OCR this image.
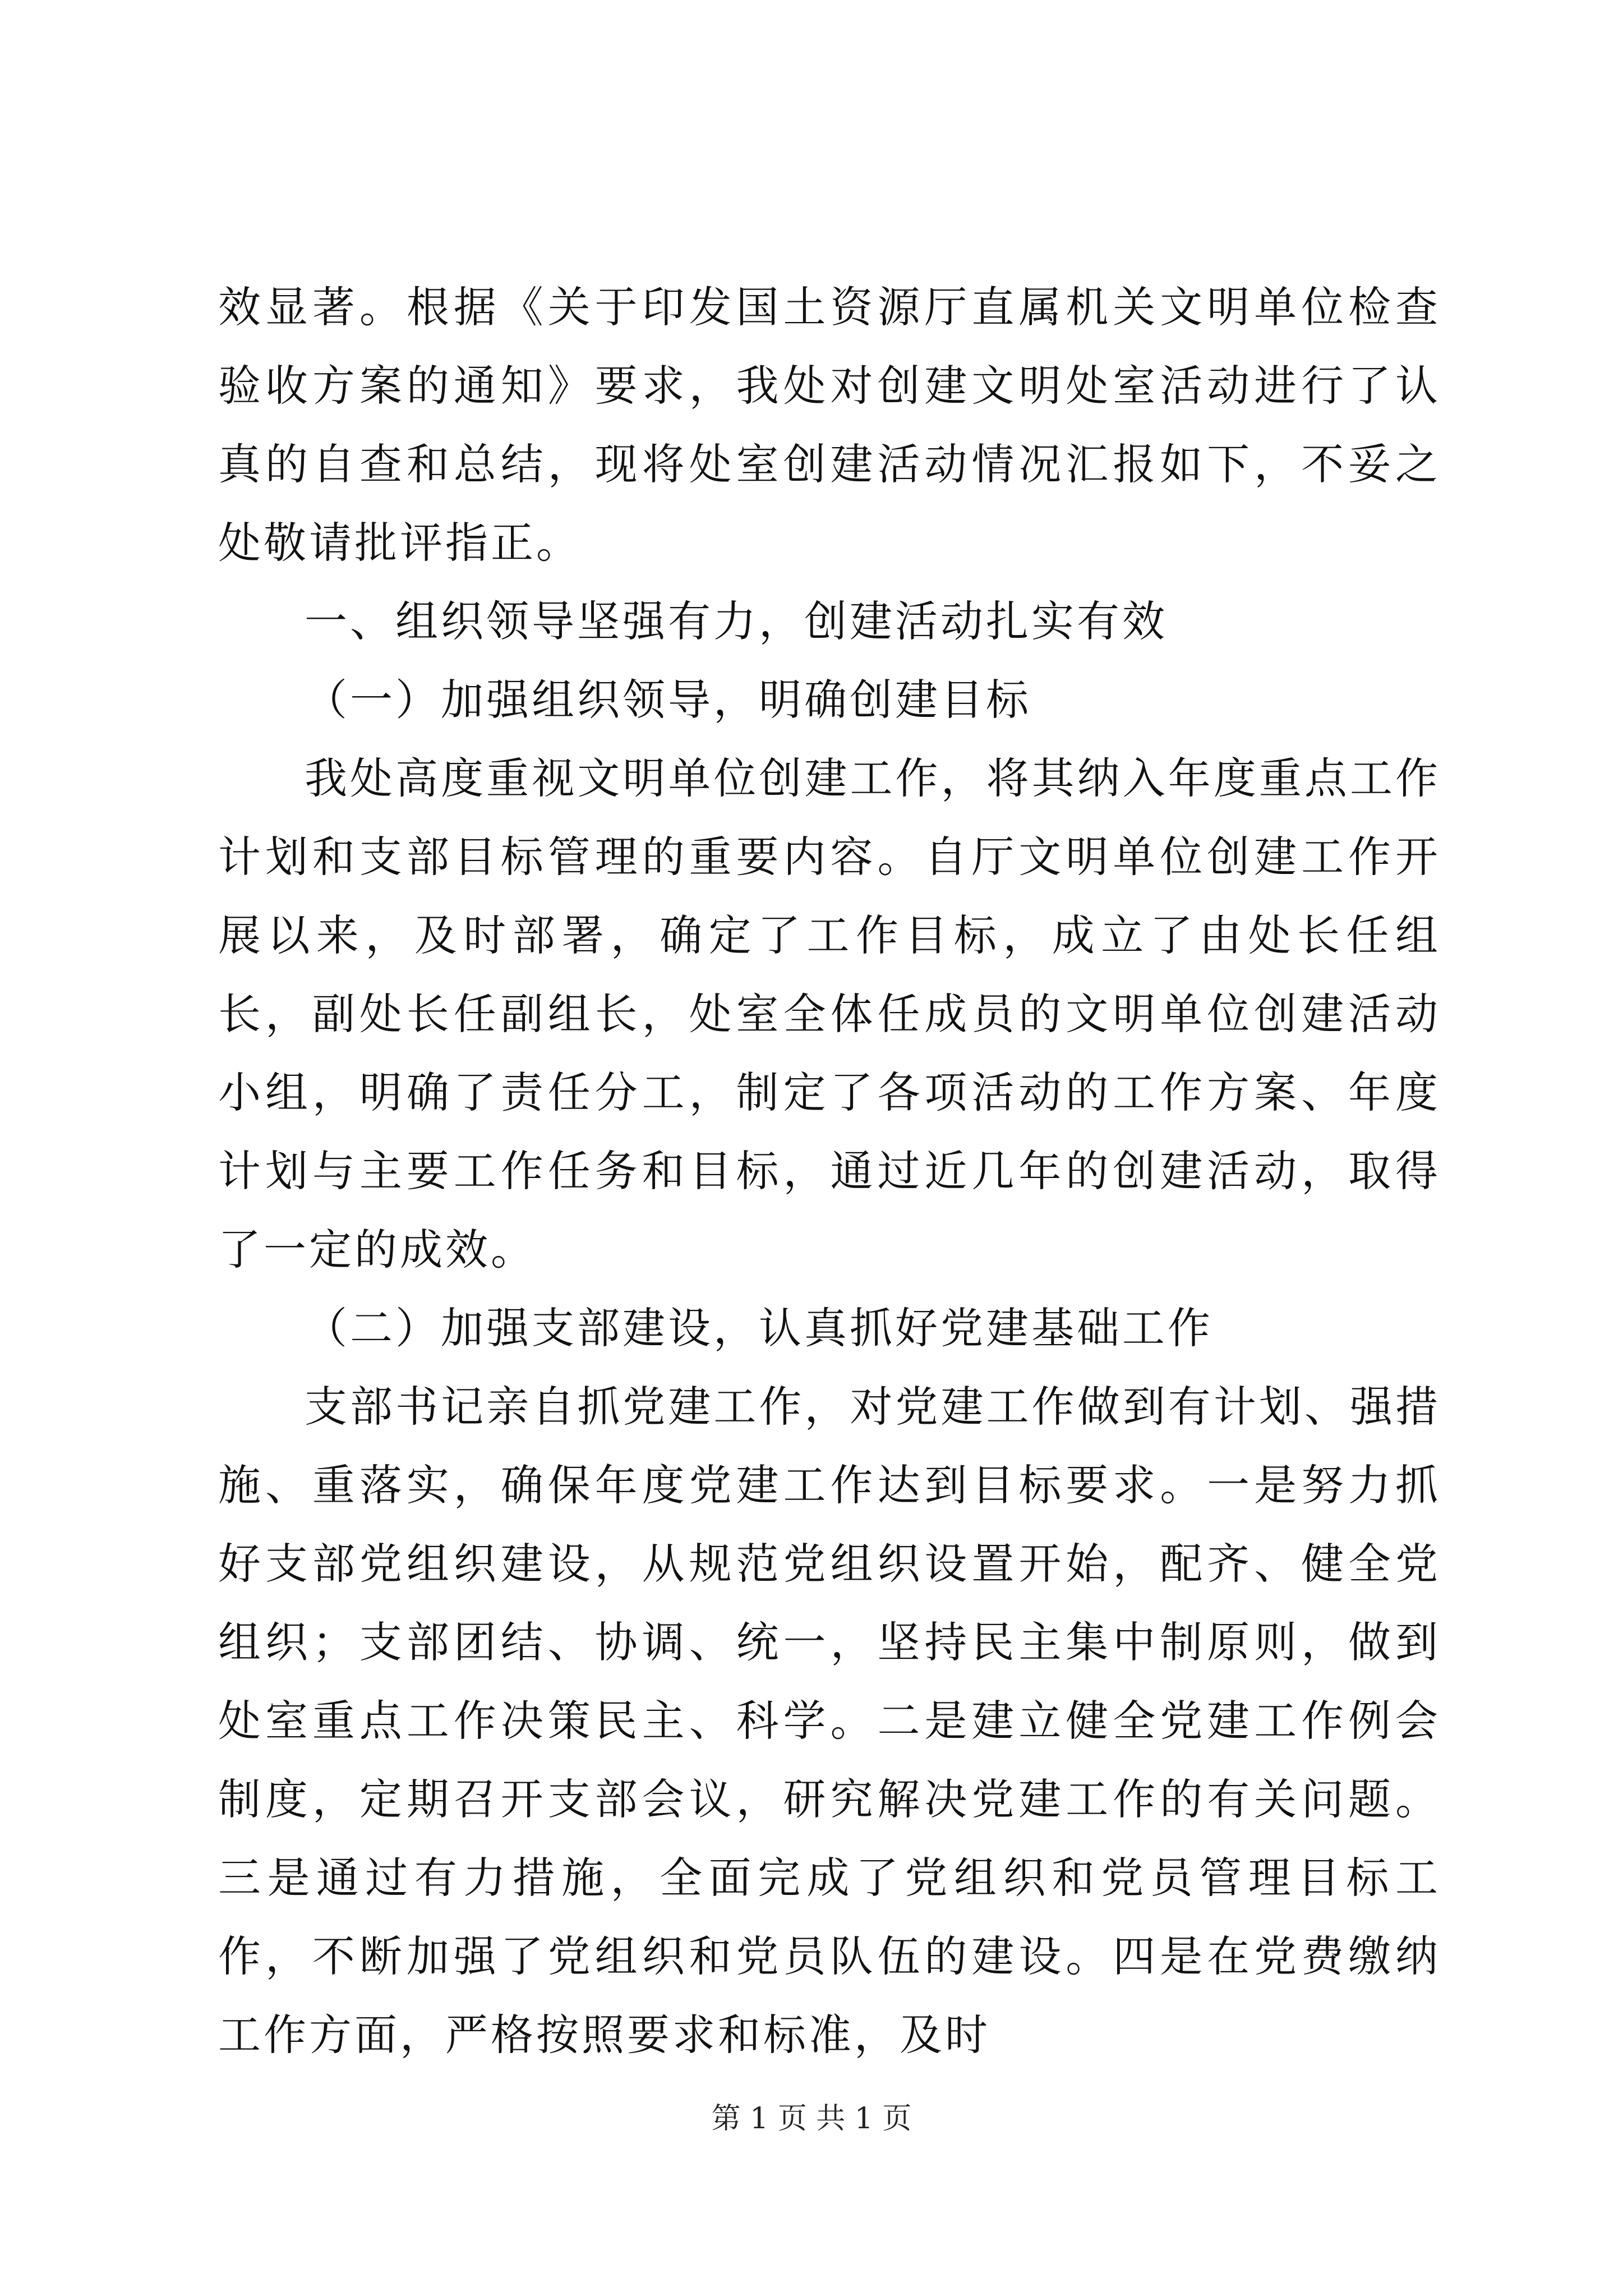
效显著。根据《关于印发国土资源厅直属机关文明单位检查验收方案的通知》要求，我处对创建文明处室活动进行了认真的自查和总结，现将处室创建活动情况汇报如下，不妥之处敬请批评指正。

一、组织领导坚强有力，创建活动扎实有效

（一）加强组织领导，明确创建目标

我处高度重视文明单位创建工作，将其纳入年度重点工作计划和支部目标管理的重要内容。自厅文明单位创建工作开展以来，及时部署，确定了工作目标，成立了由处长任组长，副处长任副组长，处室全体任成员的文明单位创建活动小组，明确了责任分工，制定了各项活动的工作方案、年度计划与主要工作任务和目标，通过近几年的创建活动，取得了一定的成效。

（二）加强支部建设，认真抓好党建基础工作

支部书记亲自抓党建工作，对党建工作做到有计划、强措施、重落实，确保年度党建工作达到目标要求。一是努力抓好支部党组织建设，从规范党组织设置开始，配齐、健全党组织；支部团结、协调、统一，坚持民主集中制原则，做到处室重点工作决策民主、科学。二是建立健全党建工作例会制度，定期召开支部会议，研究解决党建工作的有关问题。三是通过有力措施，全面完成了党组织和党员管理目标工作，不断加强了党组织和党员队伍的建设。四是在党费缴纳工作方面，严格按照要求和标准，及时

第 1 页 共 1 页
